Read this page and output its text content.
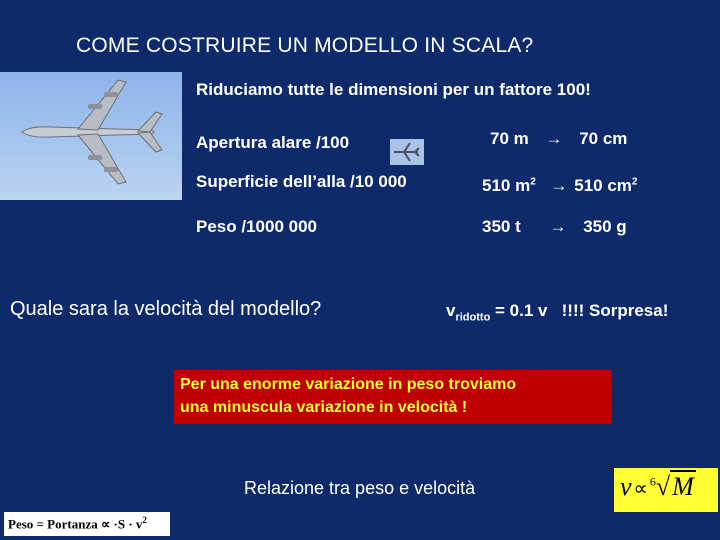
COME COSTRUIRE UN MODELLO IN SCALA?
Riduciamo tutte le dimensioni per un fattore 100!
Apertura alare /100	70 m → 70 cm
Superficie dell’alla /10 000	510 $m^2 \to 510$ $cm^2$
Peso /1000 000	350 t → 350 g
Quale sara la velocità del modello?	$v_{ridotto} = 0.1$ v   !!!! Sorpresa!
Per una enorme variazione in peso troviamo
una minuscula variazione in velocità !
Relazione tra peso e velocità	v ∝ $^6$√M
Peso = Portanza ∝ $\cdot S \cdot v^2$
